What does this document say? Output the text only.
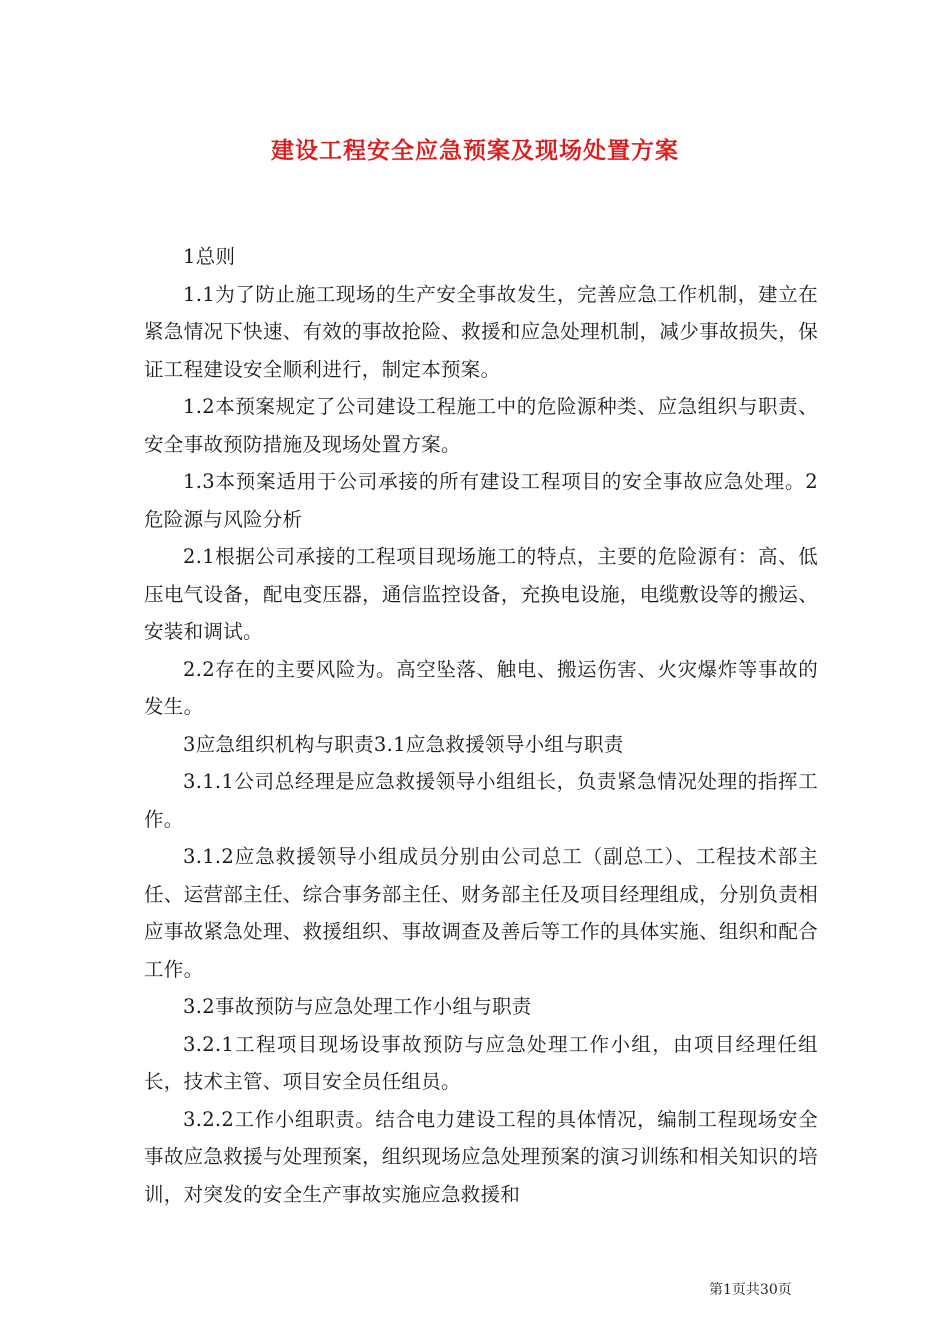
建设工程安全应急预案及现场处置方案

1总则

1.1为了防止施工现场的生产安全事故发生，完善应急工作机制，建立在紧急情况下快速、有效的事故抢险、救援和应急处理机制，减少事故损失，保证工程建设安全顺利进行，制定本预案。

1.2本预案规定了公司建设工程施工中的危险源种类、应急组织与职责、安全事故预防措施及现场处置方案。

1.3本预案适用于公司承接的所有建设工程项目的安全事故应急处理。2危险源与风险分析

2.1根据公司承接的工程项目现场施工的特点，主要的危险源有：高、低压电气设备，配电变压器，通信监控设备，充换电设施，电缆敷设等的搬运、安装和调试。

2.2存在的主要风险为。高空坠落、触电、搬运伤害、火灾爆炸等事故的发生。

3应急组织机构与职责3.1应急救援领导小组与职责

3.1.1公司总经理是应急救援领导小组组长，负责紧急情况处理的指挥工作。

3.1.2应急救援领导小组成员分别由公司总工（副总工）、工程技术部主任、运营部主任、综合事务部主任、财务部主任及项目经理组成，分别负责相应事故紧急处理、救援组织、事故调查及善后等工作的具体实施、组织和配合工作。

3.2事故预防与应急处理工作小组与职责

3.2.1工程项目现场设事故预防与应急处理工作小组，由项目经理任组长，技术主管、项目安全员任组员。

3.2.2工作小组职责。结合电力建设工程的具体情况，编制工程现场安全事故应急救援与处理预案，组织现场应急处理预案的演习训练和相关知识的培训，对突发的安全生产事故实施应急救援和

第1页共30页
